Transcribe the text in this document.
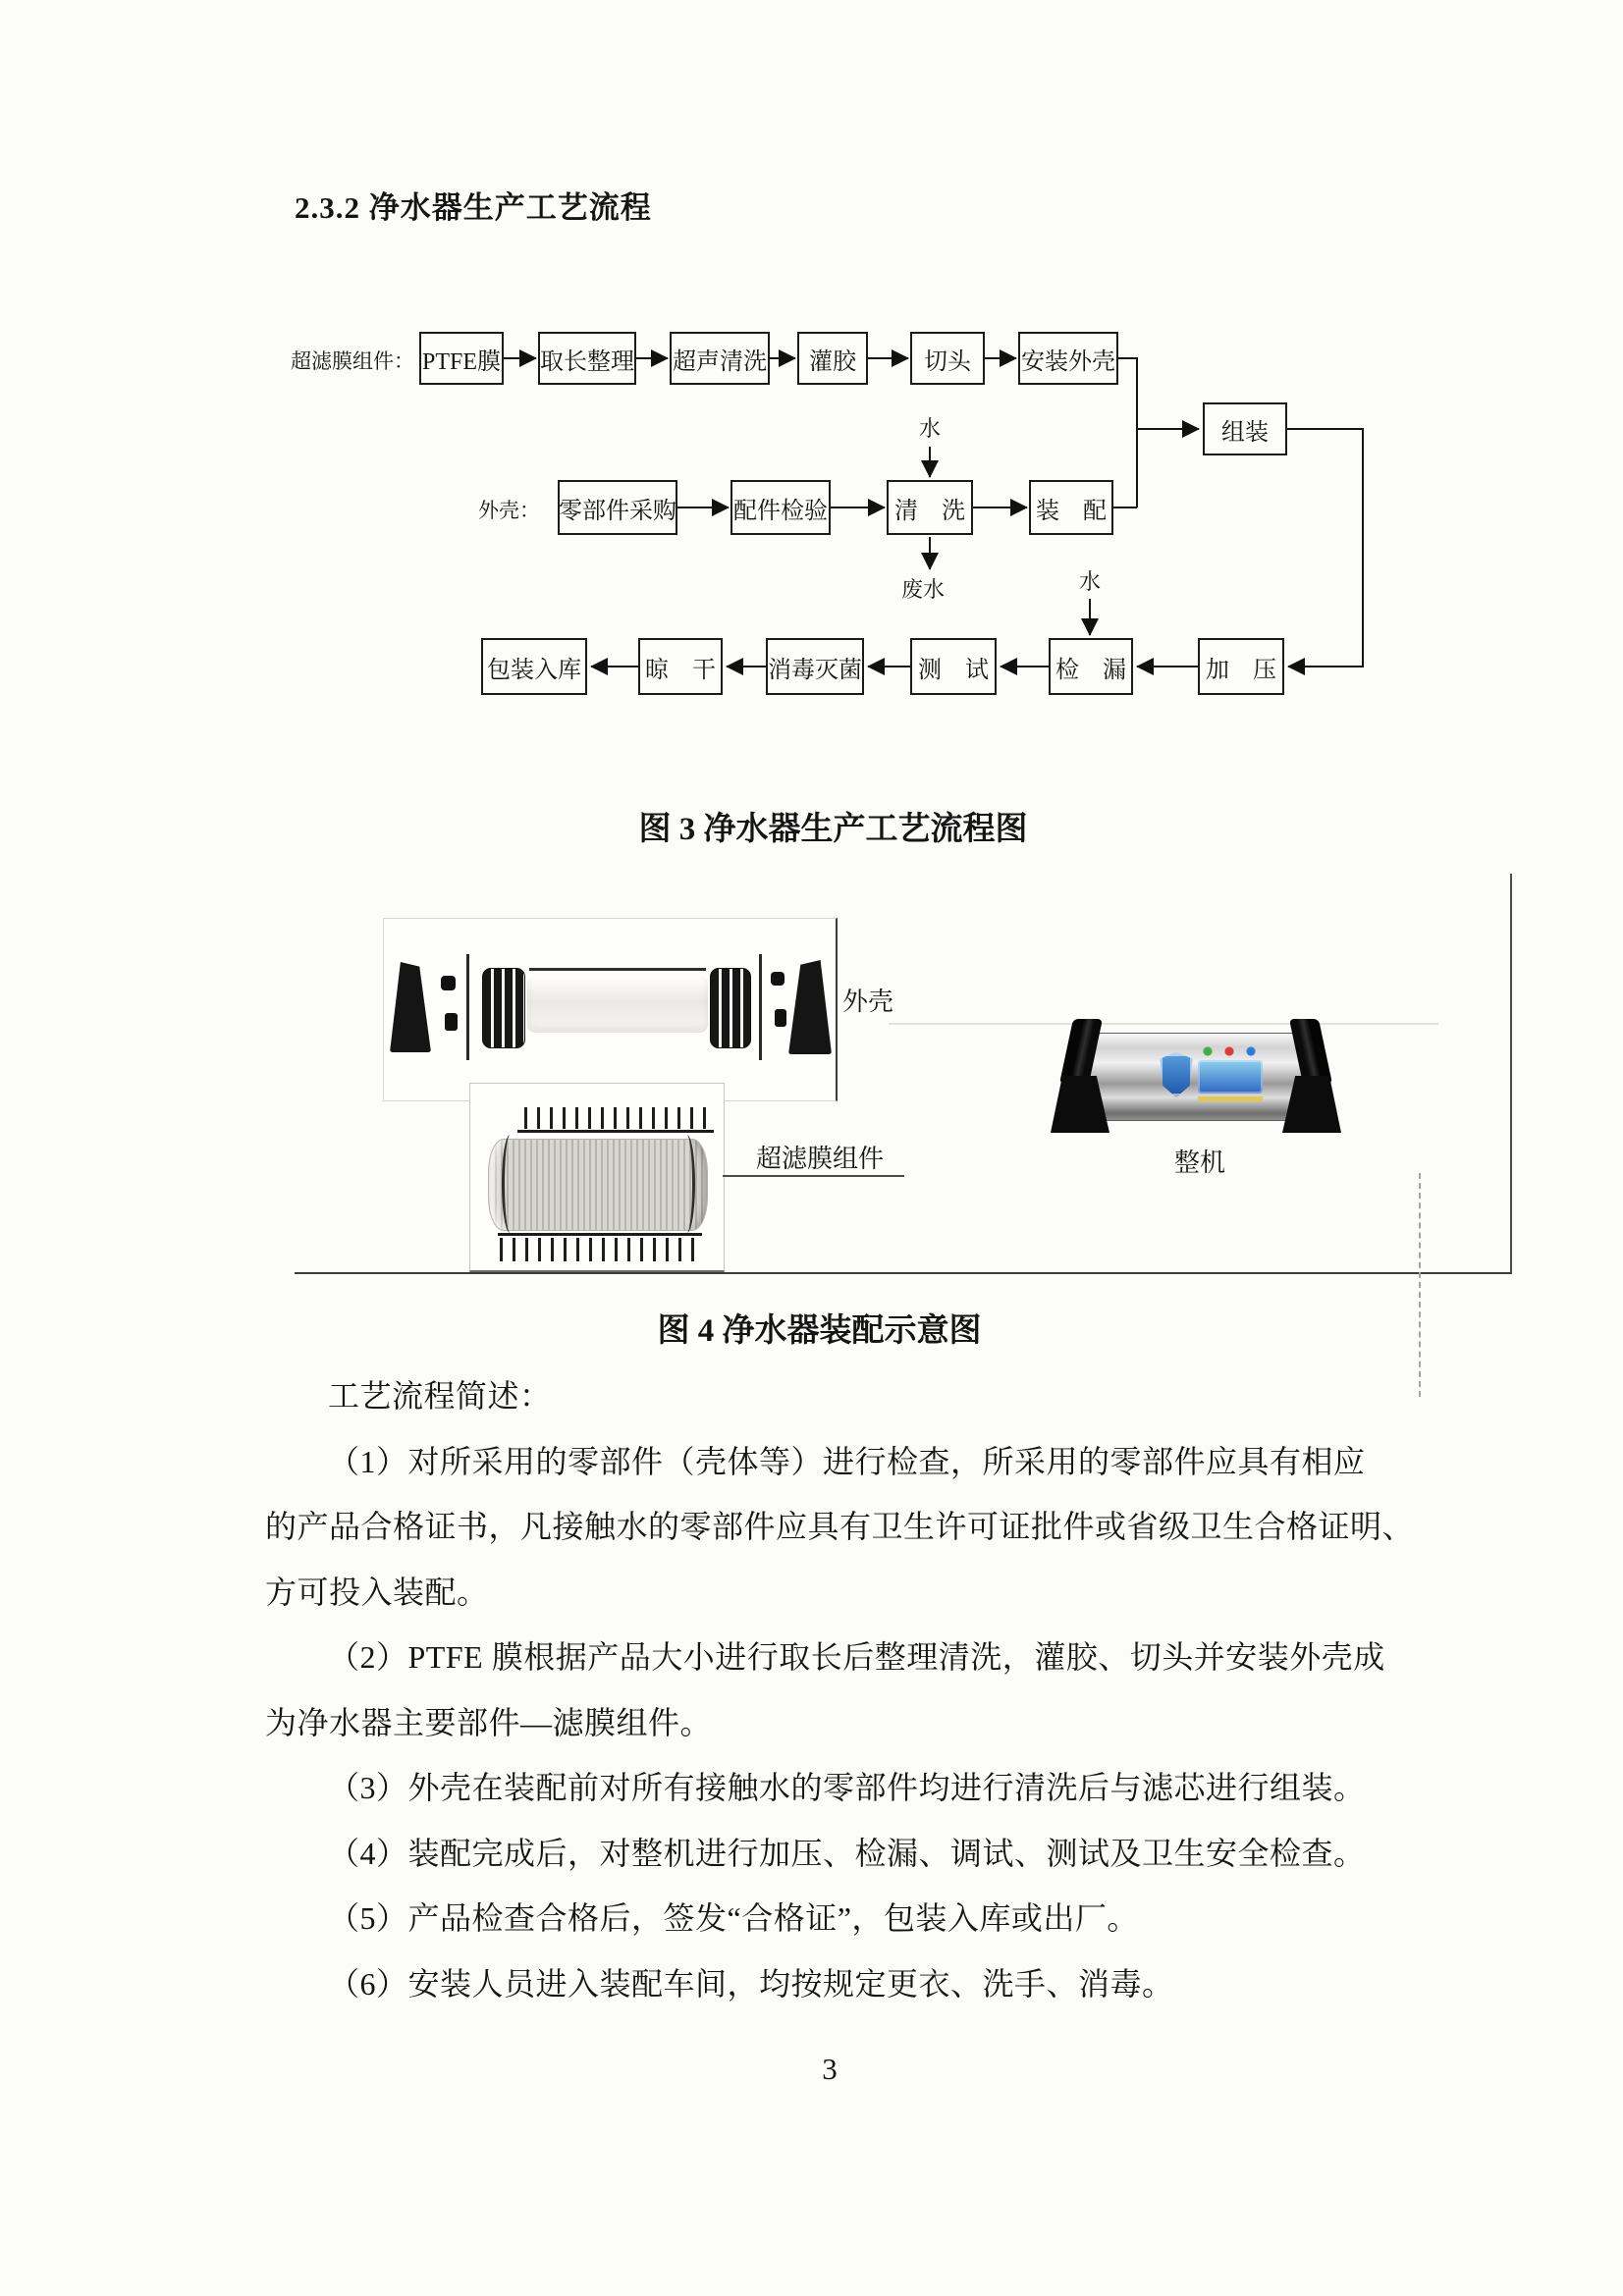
2.3.2 净水器生产工艺流程
超滤膜组件：
外壳：
水
废水	水
PTFE膜 取长整理 超声清洗	灌胶	切头	安装外壳
组装
零部件采购 配件检验	清　洗	装　配
包装入库	晾　干 消毒灭菌	测　试	检　漏	加　压
图 3 净水器生产工艺流程图
外壳
超滤膜组件	整机
图 4 净水器装配示意图
工艺流程简述：
（1）对所采用的零部件（壳体等）进行检查，所采用的零部件应具有相应
的产品合格证书，凡接触水的零部件应具有卫生许可证批件或省级卫生合格证明、
方可投入装配。
（2）PTFE 膜根据产品大小进行取长后整理清洗，灌胶、切头并安装外壳成
为净水器主要部件—滤膜组件。
（3）外壳在装配前对所有接触水的零部件均进行清洗后与滤芯进行组装。
（4）装配完成后，对整机进行加压、检漏、调试、测试及卫生安全检查。
（5）产品检查合格后，签发“合格证”，包装入库或出厂。
（6）安装人员进入装配车间，均按规定更衣、洗手、消毒。
3
